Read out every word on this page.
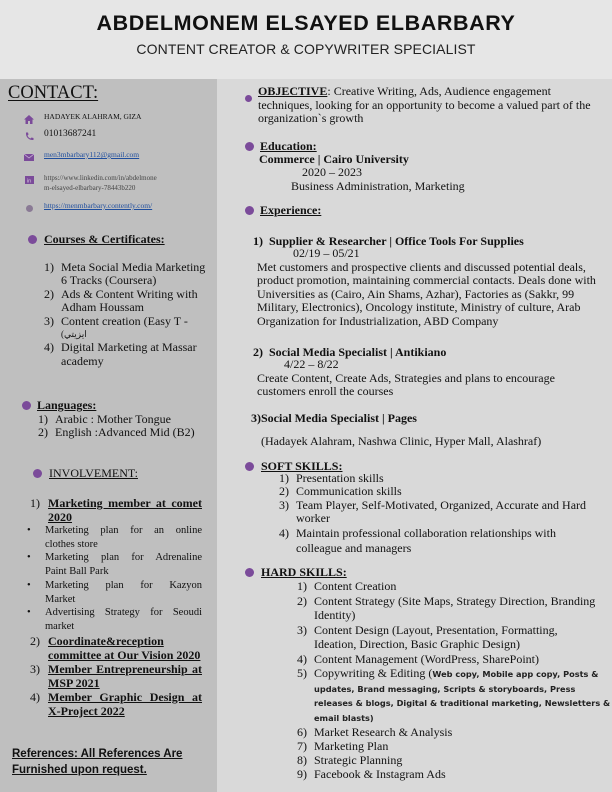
ABDELMONEM ELSAYED ELBARBARY
CONTENT CREATOR & COPYWRITER SPECIALIST
CONTACT:
HADAYEK ALAHRAM, GIZA
01013687241
men3mbarbary112@gmail.com
in https://www.linkedin.com/in/abdelmone
m-elsayed-elbarbary-78443b220
https://menmbarbary.contently.com/
Courses & Certificates:
1) Meta Social Media Marketing
6 Tracks (Coursera)
2) Ads & Content Writing with
Adham Houssam
3) Content creation (Easy T -
(ايزيتي
4) Digital Marketing at Massar
academy
Languages:
1) Arabic : Mother Tongue
2) English :Advanced Mid (B2)
INVOLVEMENT:
1) Marketing member at comet
2020
• Marketing plan for an online
clothes store
• Marketing plan for Adrenaline
Paint Ball Park
• Marketing plan for Kazyon
Market
• Advertising Strategy for Seoudi
market
2) Coordinate&reception
committee at Our Vision 2020
3) Member Entrepreneurship at
MSP 2021
4) Member Graphic Design at
X-Project 2022
References: All References Are
Furnished upon request.
OBJECTIVE: Creative Writing, Ads, Audience engagement
techniques, looking for an opportunity to become a valued part of the
organization`s growth
Education:
Commerce | Cairo University
2020 – 2023
Business Administration, Marketing
Experience:
1) Supplier & Researcher | Office Tools For Supplies
02/19 – 05/21
Met customers and prospective clients and discussed potential deals,
product promotion, maintaining commercial contacts. Deals done with
Universities as (Cairo, Ain Shams, Azhar), Factories as (Sakkr, 99
Military, Electronics), Oncology institute, Ministry of culture, Arab
Organization for Industrialization, ABD Company
2) Social Media Specialist | Antikiano
4/22 – 8/22
Create Content, Create Ads, Strategies and plans to encourage
customers enroll the courses
3)Social Media Specialist | Pages
(Hadayek Alahram, Nashwa Clinic, Hyper Mall, Alashraf)
SOFT SKILLS:
1) Presentation skills
2) Communication skills
3) Team Player, Self-Motivated, Organized, Accurate and Hard
worker
4) Maintain professional collaboration relationships with
colleague and managers
HARD SKILLS:
1) Content Creation
2) Content Strategy (Site Maps, Strategy Direction, Branding
Identity)
3) Content Design (Layout, Presentation, Formatting,
Ideation, Direction, Basic Graphic Design)
4) Content Management (WordPress, SharePoint)
5) Copywriting & Editing (Web copy, Mobile app copy, Posts &
updates, Brand messaging, Scripts & storyboards, Press
releases & blogs, Digital & traditional marketing, Newsletters &
email blasts)
6) Market Research & Analysis
7) Marketing Plan
8) Strategic Planning
9) Facebook & Instagram Ads
